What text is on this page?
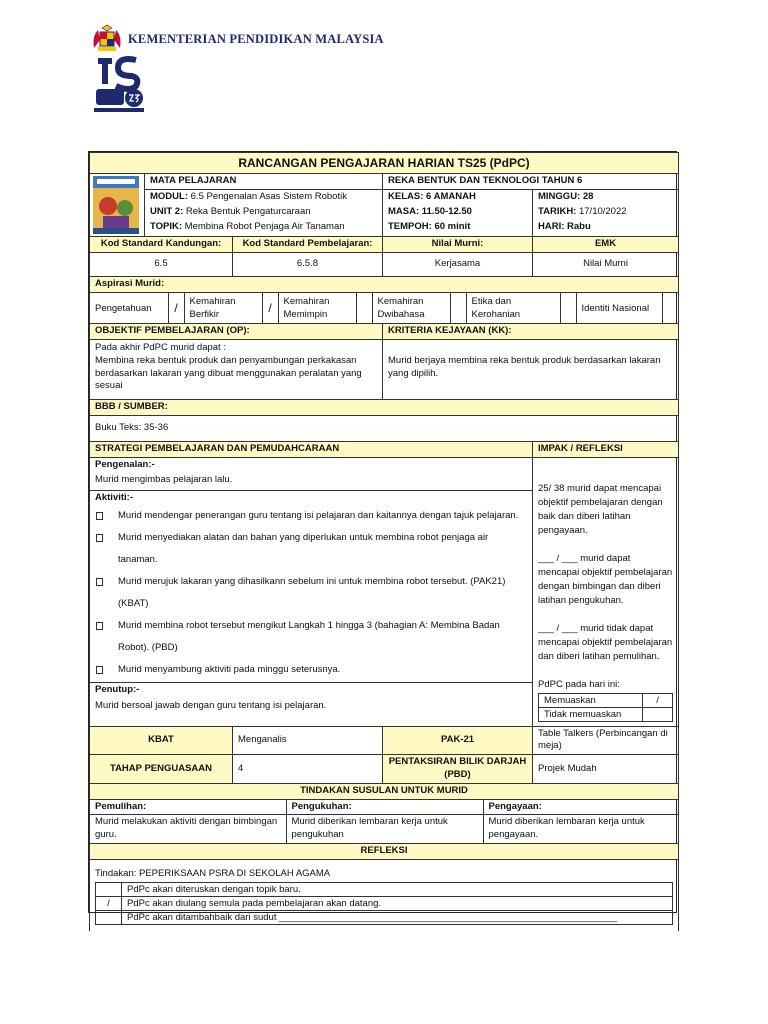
KEMENTERIAN PENDIDIKAN MALAYSIA
RANCANGAN PENGAJARAN HARIAN TS25 (PdPC)

	MATA PELAJARAN	REKA BENTUK DAN TEKNOLOGI TAHUN 6
MODUL: 6.5 Pengenalan Asas Sistem Robotik	KELAS: 6 AMANAH	MINGGU: 28
UNIT 2: Reka Bentuk Pengaturcaraan	MASA: 11.50-12.50	TARIKH: 17/10/2022
TOPIK: Membina Robot Penjaga Air Tanaman	TEMPOH: 60 minit	HARI: Rabu
Kod Standard Kandungan:	Kod Standard Pembelajaran:	Nilai Murni:	EMK
6.5	6.5.8	Kerjasama	Nilai Murni
Aspirasi Murid:

Pengetahuan	/	Kemahiran Berfikir	/	Kemahiran Memimpin		Kemahiran Dwibahasa		Etika dan Kerohanian		Identiti Nasional	

OBJEKTIF PEMBELAJARAN (OP):	KRITERIA KEJAYAAN (KK):
Pada akhir PdPC murid dapat :
Membina reka bentuk produk dan penyambungan perkakasan berdasarkan lakaran yang dibuat menggunakan peralatan yang sesuai	Murid berjaya membina reka bentuk produk berdasarkan lakaran yang dipilih.
BBB / SUMBER:
Buku Teks: 35-36
STRATEGI PEMBELAJARAN DAN PEMUDAHCARAAN	IMPAK / REFLEKSI

Pengenalan:-
Murid mengimbas pelajaran lalu.
Aktiviti:-
Murid mendengar penerangan guru tentang isi pelajaran dan kaitannya dengan tajuk pelajaran.
Murid menyediakan alatan dan bahan yang diperlukan untuk membina robot penjaga air tanaman.
Murid merujuk lakaran yang dihasilkann sebelum ini untuk membina robot tersebut. (PAK21) (KBAT)
Murid membina robot tersebut mengikut Langkah 1 hingga 3 (bahagian A: Membina Badan Robot). (PBD)
Murid menyambung aktiviti pada minggu seterusnya.
Penutup:-
Murid bersoal jawab dengan guru tentang isi pelajaran.

25/ 38 murid dapat mencapai objektif pembelajaran dengan baik dan diberi latihan pengayaan.
___ / ___ murid dapat mencapai objektif pembelajaran dengan bimbingan dan diberi latihan pengukuhan.
___ / ___ murid tidak dapat mencapai objektif pembelajaran dan diberi latihan pemulihan.
PdPC pada hari ini:
Memuaskan	/
Tidak memuaskan	

KBAT	Menganalis	PAK-21	Table Talkers (Perbincangan di meja)
TAHAP PENGUASAAN	4	PENTAKSIRAN BILIK DARJAH (PBD)	Projek Mudah
TINDAKAN SUSULAN UNTUK MURID

Pemulihan:	Pengukuhan:	Pengayaan:
Murid melakukan aktiviti dengan bimbingan guru.	Murid diberikan lembaran kerja untuk pengukuhan	Murid diberikan lembaran kerja untuk pengayaan.

REFLEKSI

Tindakan: PEPERIKSAAN PSRA DI SEKOLAH AGAMA
	PdPc akan diteruskan dengan topik baru.
/	PdPc akan diulang semula pada pembelajaran akan datang.
	PdPc akan ditambahbaik dari sudut ________________________________________________________________
